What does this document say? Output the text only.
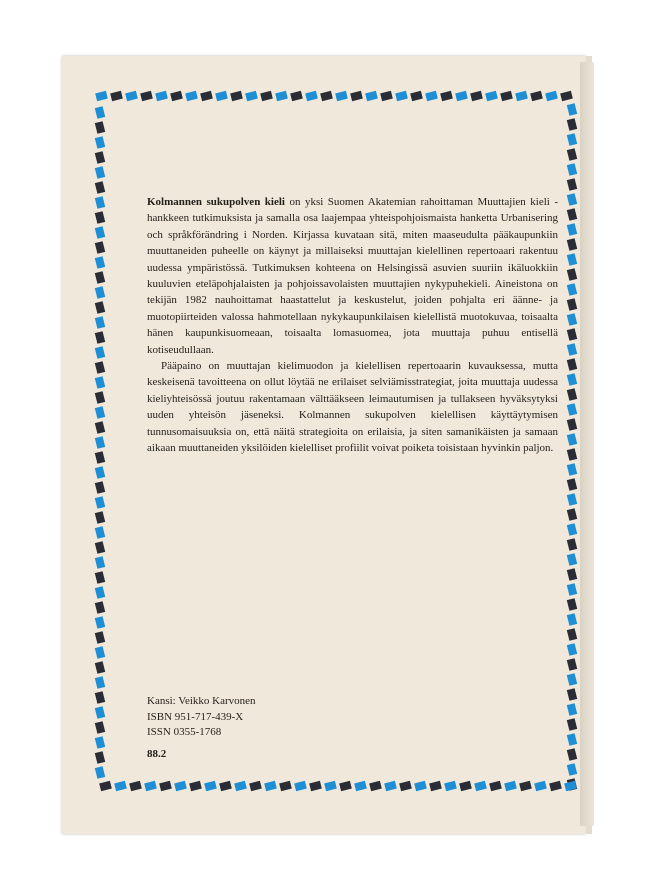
Kolmannen sukupolven kieli on yksi Suomen Akatemian rahoittaman Muuttajien kieli -hankkeen tutkimuksista ja samalla osa laajempaa yhteispohjoismaista hanketta Urbanisering och språkförändring i Norden. Kirjassa kuvataan sitä, miten maaseudulta pääkaupunkiin muuttaneiden puheelle on käynyt ja millaiseksi muuttajan kielellinen repertoaari rakentuu uudessa ympäristössä. Tutkimuksen kohteena on Helsingissä asuvien suuriin ikäluokkiin kuuluvien eteläpohjalaisten ja pohjoissavolaisten muuttajien nykypuhekieli. Aineistona on tekijän 1982 nauhoittamat haastattelut ja keskustelut, joiden pohjalta eri äänne- ja muotopiirteiden valossa hahmotellaan nykykaupunkilaisen kielellistä muotokuvaa, toisaalta hänen kaupunkisuomeaan, toisaalta lomasuomea, jota muuttaja puhuu entisellä kotiseudullaan.

Pääpaino on muuttajan kielimuodon ja kielellisen repertoaarin kuvauksessa, mutta keskeisenä tavoitteena on ollut löytää ne erilaiset selviämisstrategiat, joita muuttaja uudessa kieliyhteisössä joutuu rakentamaan välttääkseen leimautumisen ja tullakseen hyväksytyksi uuden yhteisön jäseneksi. Kolmannen sukupolven kielellisen käyttäytymisen tunnusomaisuuksia on, että näitä strategioita on erilaisia, ja siten samanikäisten ja samaan aikaan muuttaneiden yksilöiden kielelliset profiilit voivat poiketa toisistaan hyvinkin paljon.

Kansi: Veikko Karvonen
ISBN 951-717-439-X
ISSN 0355-1768
88.2
